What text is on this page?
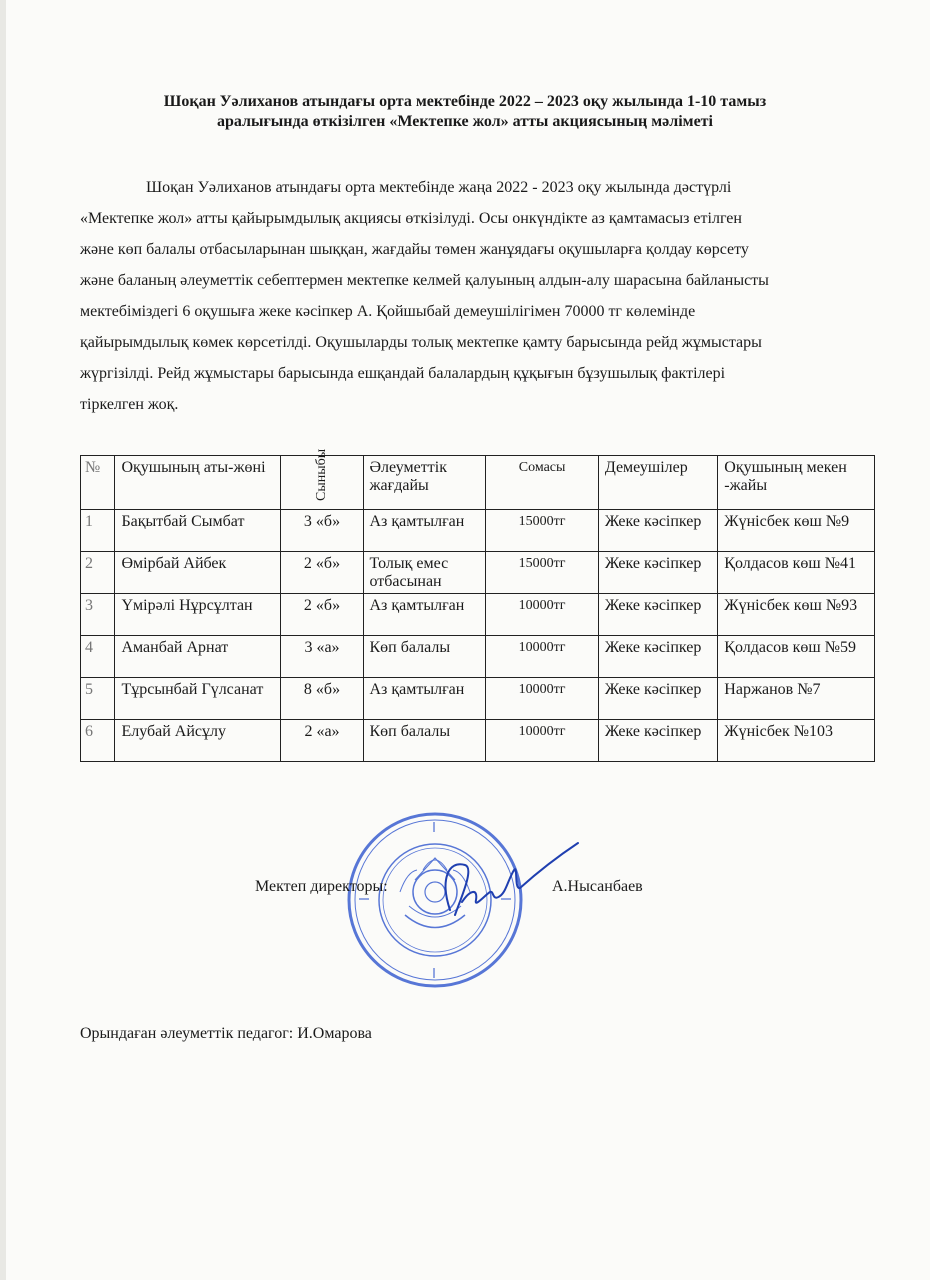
Шоқан Уәлиханов атындағы орта мектебінде 2022 – 2023 оқу жылында 1-10 тамыз
аралығында өткізілген «Мектепке жол» атты акциясының мәліметі
Шоқан Уәлиханов атындағы орта мектебінде жаңа 2022 - 2023 оқу жылында дәстүрлі
«Мектепке жол» атты қайырымдылық акциясы өткізілуді. Осы онкүндікте аз қамтамасыз етілген
және көп балалы отбасыларынан шыққан, жағдайы төмен жанұядағы оқушыларға қолдау көрсету
және баланың әлеуметтік себептермен мектепке келмей қалуының алдын-алу шарасына байланысты
мектебіміздегі 6 оқушыға жеке кәсіпкер А. Қойшыбай демеушілігімен 70000 тг көлемінде
қайырымдылық көмек көрсетілді. Оқушыларды толық мектепке қамту барысында рейд жұмыстары
жүргізілді. Рейд жұмыстары барысында ешқандай балалардың құқығын бұзушылық фактілері
тіркелген жоқ.
№	Оқушының аты-жөні	Сыныбы	Әлеуметтік жағдайы	Сомасы	Демеушілер	Оқушының мекен -жайы
1	Бақытбай Сымбат	3 «б»	Аз қамтылған	15000тг	Жеке кәсіпкер	Жүнісбек көш №9
2	Өмірбай Айбек	2 «б»	Толық емес отбасынан	15000тг	Жеке кәсіпкер	Қолдасов көш №41
3	Үмірәлі Нұрсұлтан	2 «б»	Аз қамтылған	10000тг	Жеке кәсіпкер	Жүнісбек көш №93
4	Аманбай Арнат	3 «а»	Көп балалы	10000тг	Жеке кәсіпкер	Қолдасов көш №59
5	Тұрсынбай Гүлсанат	8 «б»	Аз қамтылған	10000тг	Жеке кәсіпкер	Наржанов №7
6	Елубай Айсұлу	2 «а»	Көп балалы	10000тг	Жеке кәсіпкер	Жүнісбек №103
Мектеп директоры:	А.Нысанбаев
Орындаған әлеуметтік педагог: И.Омарова
